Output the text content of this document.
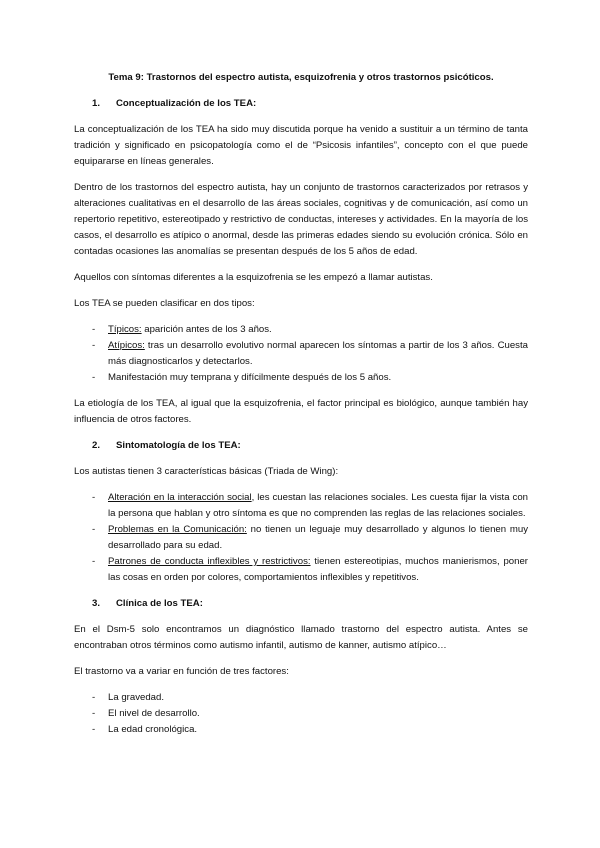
Tema 9: Trastornos del espectro autista, esquizofrenia y otros trastornos psicóticos.
1.	Conceptualización de los TEA:

La conceptualización de los TEA ha sido muy discutida porque ha venido a sustituir a un término de tanta tradición y significado en psicopatología como el de “Psicosis infantiles”, concepto con el que puede equipararse en líneas generales.

Dentro de los trastornos del espectro autista, hay un conjunto de trastornos caracterizados por retrasos y alteraciones cualitativas en el desarrollo de las áreas sociales, cognitivas y de comunicación, así como un repertorio repetitivo, estereotipado y restrictivo de conductas, intereses y actividades. En la mayoría de los casos, el desarrollo es atípico o anormal, desde las primeras edades siendo su evolución crónica. Sólo en contadas ocasiones las anomalías se presentan después de los 5 años de edad.

Aquellos con síntomas diferentes a la esquizofrenia se les empezó a llamar autistas.

Los TEA se pueden clasificar en dos tipos:

-	Típicos: aparición antes de los 3 años.
-	Atípicos: tras un desarrollo evolutivo normal aparecen los síntomas a partir de los 3 años. Cuesta más diagnosticarlos y detectarlos.
-	Manifestación muy temprana y difícilmente después de los 5 años.

La etiología de los TEA, al igual que la esquizofrenia, el factor principal es biológico, aunque también hay influencia de otros factores.

2.	Sintomatología de los TEA:

Los autistas tienen 3 características básicas (Triada de Wing):

-	Alteración en la interacción social, les cuestan las relaciones sociales. Les cuesta fijar la vista con la persona que hablan y otro síntoma es que no comprenden las reglas de las relaciones sociales.
-	Problemas en la Comunicación: no tienen un leguaje muy desarrollado y algunos lo tienen muy desarrollado para su edad.
-	Patrones de conducta inflexibles y restrictivos: tienen estereotipias, muchos manierismos, poner las cosas en orden por colores, comportamientos inflexibles y repetitivos.
3.	Clínica de los TEA:

En el Dsm-5 solo encontramos un diagnóstico llamado trastorno del espectro autista. Antes se encontraban otros términos como autismo infantil, autismo de kanner, autismo atípico…

El trastorno va a variar en función de tres factores:

-	La gravedad.
-	El nivel de desarrollo.
-	La edad cronológica.
